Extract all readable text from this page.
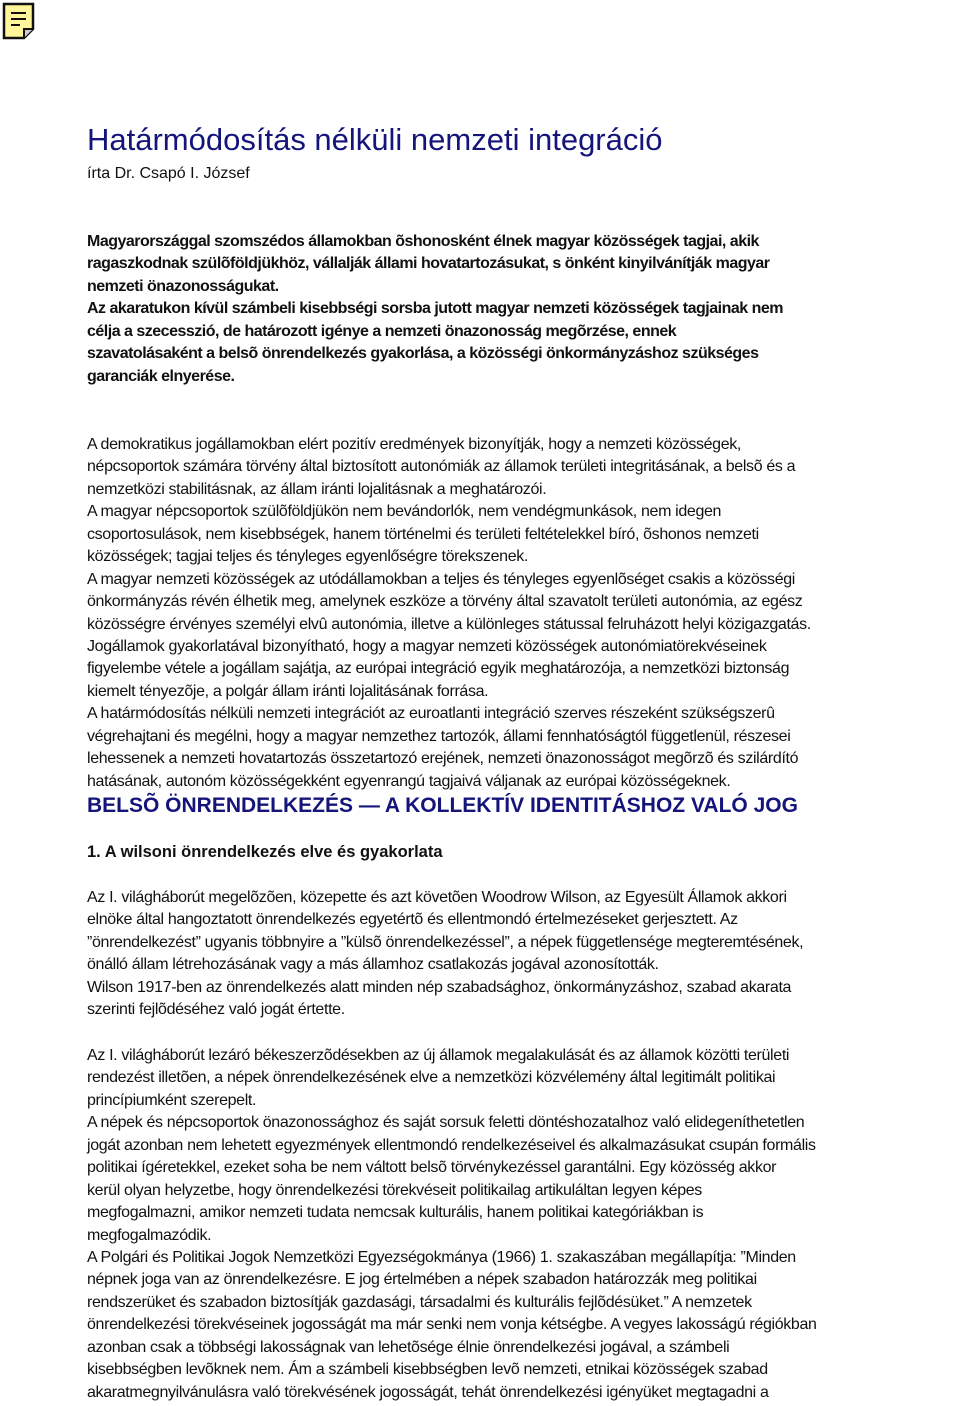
Határmódosítás nélküli nemzeti integráció
írta Dr. Csapó I. József
Magyarországgal szomszédos államokban õshonosként élnek magyar közösségek tagjai, akik
ragaszkodnak szülõföldjükhöz, vállalják állami hovatartozásukat, s önként kinyilvánítják magyar
nemzeti önazonosságukat.
Az akaratukon kívül számbeli kisebbségi sorsba jutott magyar nemzeti közösségek tagjainak nem
célja a szecesszió, de határozott igénye a nemzeti önazonosság megõrzése, ennek
szavatolásaként a belsõ önrendelkezés gyakorlása, a közösségi önkormányzáshoz szükséges
garanciák elnyerése.
A demokratikus jogállamokban elért pozitív eredmények bizonyítják, hogy a nemzeti közösségek,
népcsoportok számára törvény által biztosított autonómiák az államok területi integritásának, a belsõ és a
nemzetközi stabilitásnak, az állam iránti lojalitásnak a meghatározói.
A magyar népcsoportok szülõföldjükön nem bevándorlók, nem vendégmunkások, nem idegen
csoportosulások, nem kisebbségek, hanem történelmi és területi feltételekkel bíró, õshonos nemzeti
közösségek; tagjai teljes és tényleges egyenlőségre törekszenek.
A magyar nemzeti közösségek az utódállamokban a teljes és tényleges egyenlõséget csakis a közösségi
önkormányzás révén élhetik meg, amelynek eszköze a törvény által szavatolt területi autonómia, az egész
közösségre érvényes személyi elvû autonómia, illetve a különleges státussal felruházott helyi közigazgatás.
Jogállamok gyakorlatával bizonyítható, hogy a magyar nemzeti közösségek autonómiatörekvéseinek
figyelembe vétele a jogállam sajátja, az európai integráció egyik meghatározója, a nemzetközi biztonság
kiemelt tényezõje, a polgár állam iránti lojalitásának forrása.
A határmódosítás nélküli nemzeti integrációt az euroatlanti integráció szerves részeként szükségszerû
végrehajtani és megélni, hogy a magyar nemzethez tartozók, állami fennhatóságtól függetlenül, részesei
lehessenek a nemzeti hovatartozás összetartozó erejének, nemzeti önazonosságot megõrzõ és szilárdító
hatásának, autonóm közösségekként egyenrangú tagjaivá váljanak az európai közösségeknek.
BELSÕ ÖNRENDELKEZÉS — A KOLLEKTÍV IDENTITÁSHOZ VALÓ JOG
1. A wilsoni önrendelkezés elve és gyakorlata
Az I. világháborút megelõzõen, közepette és azt követõen Woodrow Wilson, az Egyesült Államok akkori
elnöke által hangoztatott önrendelkezés egyetértõ és ellentmondó értelmezéseket gerjesztett. Az
”önrendelkezést” ugyanis többnyire a ”külsõ önrendelkezéssel”, a népek függetlensége megteremtésének,
önálló állam létrehozásának vagy a más államhoz csatlakozás jogával azonosították.
Wilson 1917-ben az önrendelkezés alatt minden nép szabadsághoz, önkormányzáshoz, szabad akarata
szerinti fejlõdéséhez való jogát értette.
Az I. világháborút lezáró békeszerzõdésekben az új államok megalakulását és az államok közötti területi
rendezést illetõen, a népek önrendelkezésének elve a nemzetközi közvélemény által legitimált politikai
princípiumként szerepelt.
A népek és népcsoportok önazonossághoz és saját sorsuk feletti döntéshozatalhoz való elidegeníthetetlen
jogát azonban nem lehetett egyezmények ellentmondó rendelkezéseivel és alkalmazásukat csupán formális
politikai ígéretekkel, ezeket soha be nem váltott belsõ törvénykezéssel garantálni. Egy közösség akkor
kerül olyan helyzetbe, hogy önrendelkezési törekvéseit politikailag artikuláltan legyen képes
megfogalmazni, amikor nemzeti tudata nemcsak kulturális, hanem politikai kategóriákban is
megfogalmazódik.
A Polgári és Politikai Jogok Nemzetközi Egyezségokmánya (1966) 1. szakaszában megállapítja: ”Minden
népnek joga van az önrendelkezésre. E jog értelmében a népek szabadon határozzák meg politikai
rendszerüket és szabadon biztosítják gazdasági, társadalmi és kulturális fejlõdésüket.” A nemzetek
önrendelkezési törekvéseinek jogosságát ma már senki nem vonja kétségbe. A vegyes lakosságú régiókban
azonban csak a többségi lakosságnak van lehetõsége élnie önrendelkezési jogával, a számbeli
kisebbségben levõknek nem. Ám a számbeli kisebbségben levõ nemzeti, etnikai közösségek szabad
akaratmegnyilvánulásra való törekvésének jogosságát, tehát önrendelkezési igényüket megtagadni a
